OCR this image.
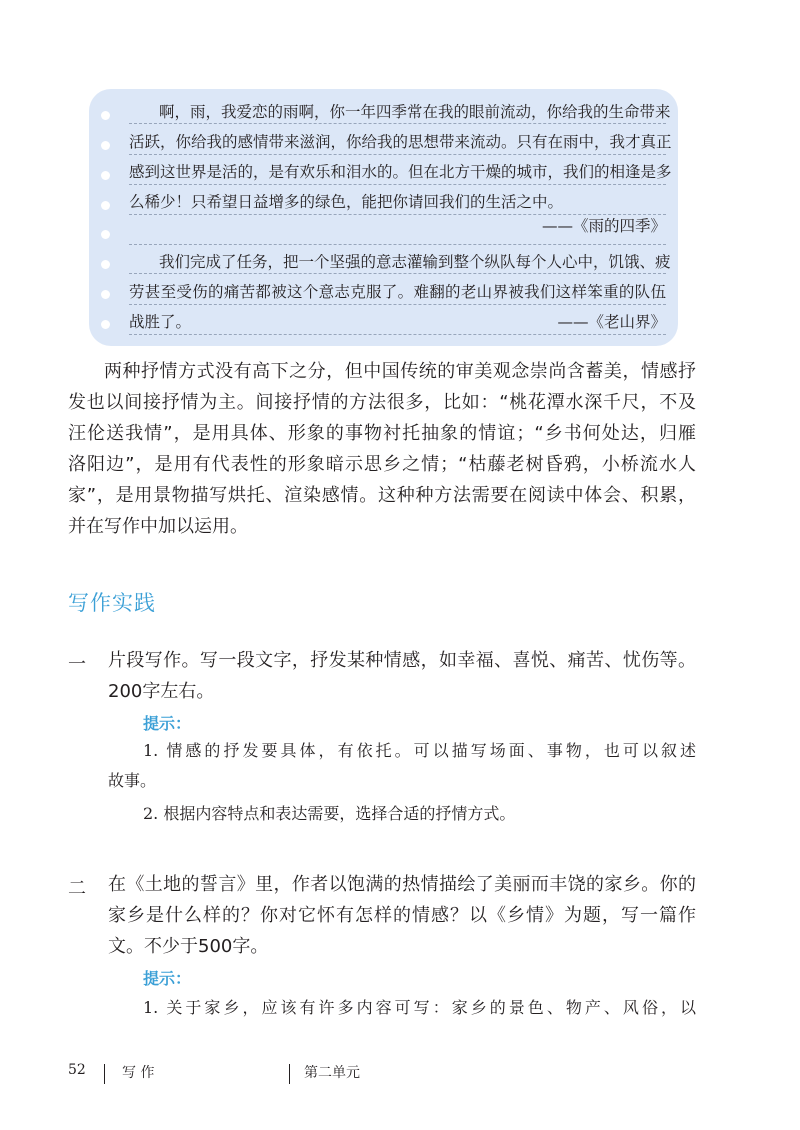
啊，雨，我爱恋的雨啊，你一年四季常在我的眼前流动，你给我的生命带来
活跃，你给我的感情带来滋润，你给我的思想带来流动。只有在雨中，我才真正
感到这世界是活的，是有欢乐和泪水的。但在北方干燥的城市，我们的相逢是多
么稀少！只希望日益增多的绿色，能把你请回我们的生活之中。
——《雨的四季》
我们完成了任务，把一个坚强的意志灌输到整个纵队每个人心中，饥饿、疲
劳甚至受伤的痛苦都被这个意志克服了。难翻的老山界被我们这样笨重的队伍
战胜了。	——《老山界》
两种抒情方式没有高下之分，但中国传统的审美观念崇尚含蓄美，情感抒
发也以间接抒情为主。间接抒情的方法很多，比如：“桃花潭水深千尺，不及
汪伦送我情”，是用具体、形象的事物衬托抽象的情谊；“乡书何处达，归雁
洛阳边”，是用有代表性的形象暗示思乡之情；“枯藤老树昏鸦，小桥流水人
家”，是用景物描写烘托、渲染感情。这种种方法需要在阅读中体会、积累，
并在写作中加以运用。
写作实践
一 片段写作。写一段文字，抒发某种情感，如幸福、喜悦、痛苦、忧伤等。
200字左右。
提示：
1. 情感的抒发要具体，有依托。可以描写场面、事物，也可以叙述
故事。
2. 根据内容特点和表达需要，选择合适的抒情方式。
二 在《土地的誓言》里，作者以饱满的热情描绘了美丽而丰饶的家乡。你的
家乡是什么样的？你对它怀有怎样的情感？以《乡情》为题，写一篇作
文。不少于500字。
提示：
1. 关于家乡，应该有许多内容可写：家乡的景色、物产、风俗，以
52	写 作	第二单元
